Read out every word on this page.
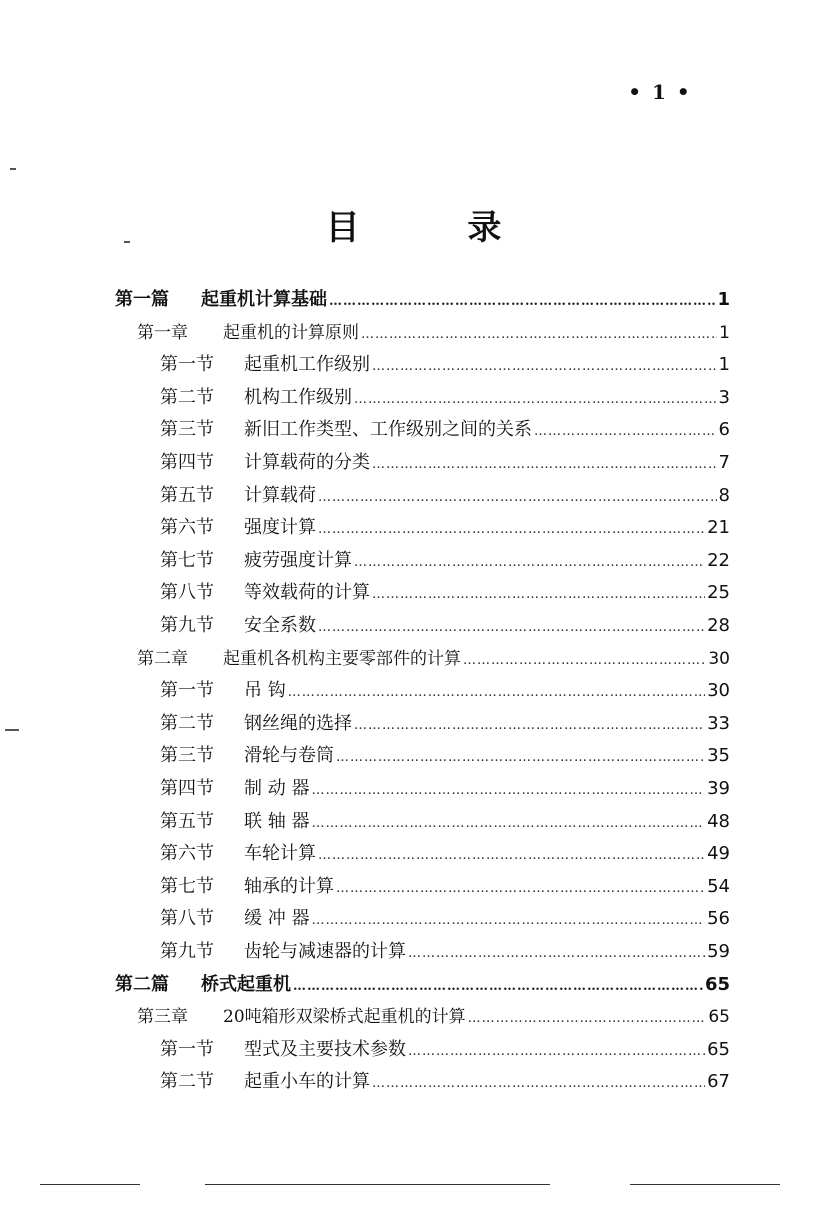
• 1 •
目 录
第一篇	起重机计算基础 …………………………………………………………………………………………………………………………………………	1
第一章	起重机的计算原则 …………………………………………………………………………………………………………………………………………	1
第一节	起重机工作级别 …………………………………………………………………………………………………………………………………………	1
第二节	机构工作级别 …………………………………………………………………………………………………………………………………………	3
第三节	新旧工作类型、工作级别之间的关系 …………………………………………………………………………………………………………………………………………	6
第四节	计算载荷的分类 …………………………………………………………………………………………………………………………………………	7
第五节	计算载荷 …………………………………………………………………………………………………………………………………………	8
第六节	强度计算 …………………………………………………………………………………………………………………………………………	21
第七节	疲劳强度计算 …………………………………………………………………………………………………………………………………………	22
第八节	等效载荷的计算 …………………………………………………………………………………………………………………………………………	25
第九节	安全系数 …………………………………………………………………………………………………………………………………………	28
第二章	起重机各机构主要零部件的计算 …………………………………………………………………………………………………………………………………………	30
第一节	吊 钩 …………………………………………………………………………………………………………………………………………	30
第二节	钢丝绳的选择 …………………………………………………………………………………………………………………………………………	33
第三节	滑轮与卷筒 …………………………………………………………………………………………………………………………………………	35
第四节	制 动 器 …………………………………………………………………………………………………………………………………………	39
第五节	联 轴 器 …………………………………………………………………………………………………………………………………………	48
第六节	车轮计算 …………………………………………………………………………………………………………………………………………	49
第七节	轴承的计算 …………………………………………………………………………………………………………………………………………	54
第八节	缓 冲 器 …………………………………………………………………………………………………………………………………………	56
第九节	齿轮与减速器的计算 …………………………………………………………………………………………………………………………………………	59
第二篇	桥式起重机 …………………………………………………………………………………………………………………………………………	65
第三章	20吨箱形双梁桥式起重机的计算 …………………………………………………………………………………………………………………………………………	65
第一节	型式及主要技术参数 …………………………………………………………………………………………………………………………………………	65
第二节	起重小车的计算 …………………………………………………………………………………………………………………………………………	67
